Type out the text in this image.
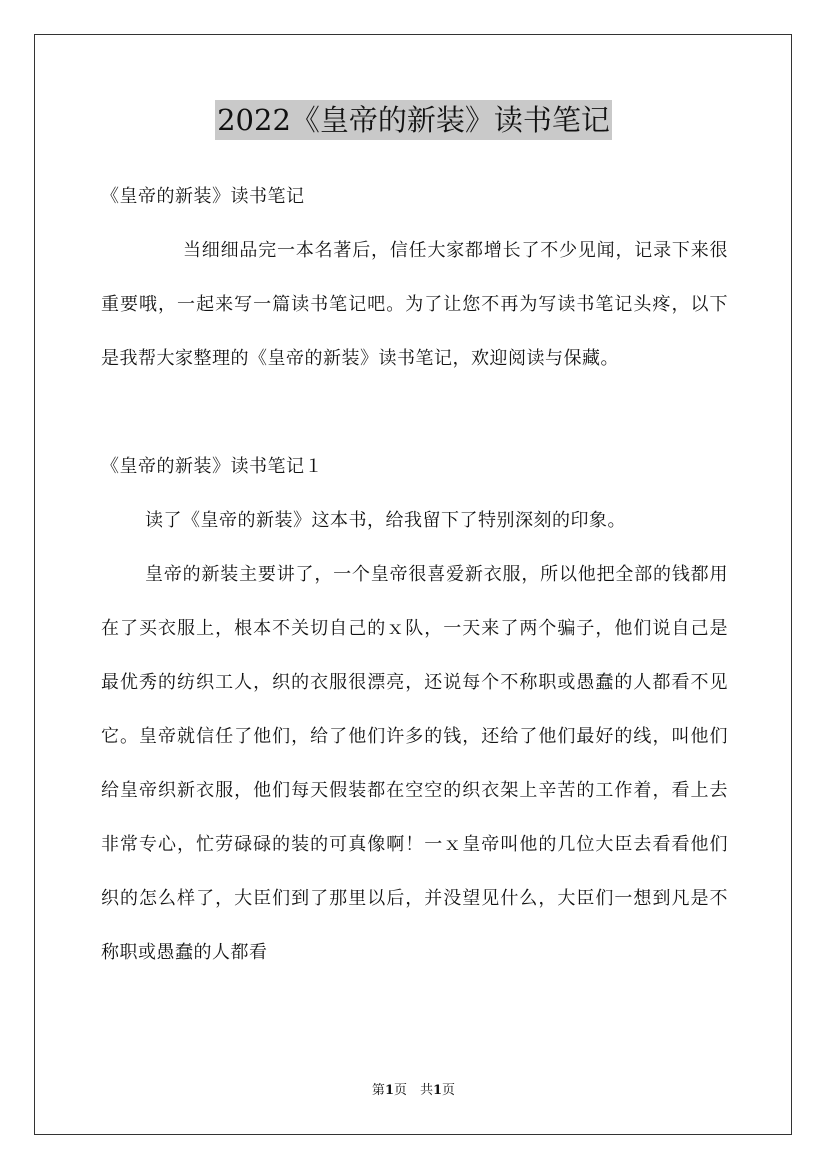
2022《皇帝的新装》读书笔记

《皇帝的新装》读书笔记

当细细品完一本名著后，信任大家都增长了不少见闻，记录下来很重要哦，一起来写一篇读书笔记吧。为了让您不再为写读书笔记头疼，以下是我帮大家整理的《皇帝的新装》读书笔记，欢迎阅读与保藏。

《皇帝的新装》读书笔记１

读了《皇帝的新装》这本书，给我留下了特别深刻的印象。

皇帝的新装主要讲了，一个皇帝很喜爱新衣服，所以他把全部的钱都用在了买衣服上，根本不关切自己的ｘ队，一天来了两个骗子，他们说自己是最优秀的纺织工人，织的衣服很漂亮，还说每个不称职或愚蠢的人都看不见它。皇帝就信任了他们，给了他们许多的钱，还给了他们最好的线，叫他们给皇帝织新衣服，他们每天假装都在空空的织衣架上辛苦的工作着，看上去非常专心，忙劳碌碌的装的可真像啊！一ｘ皇帝叫他的几位大臣去看看他们织的怎么样了，大臣们到了那里以后，并没望见什么，大臣们一想到凡是不称职或愚蠢的人都看

第1页　共1页
